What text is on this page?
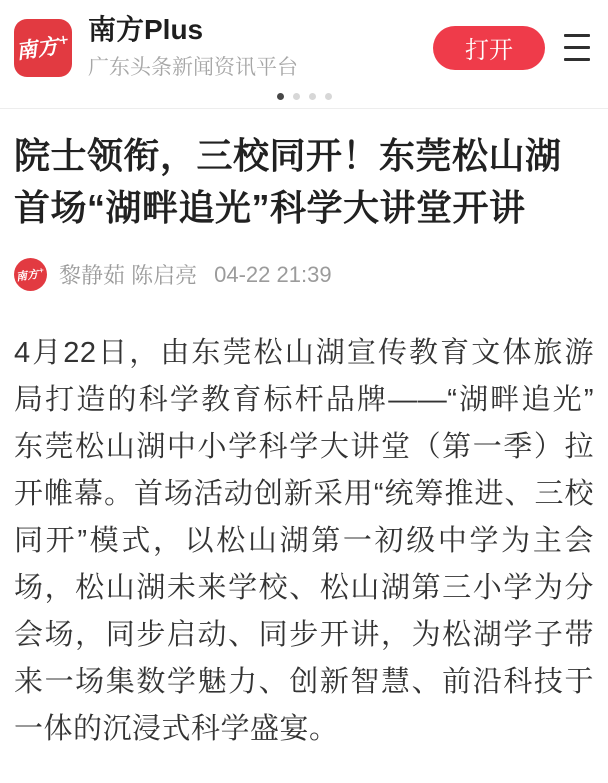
南方+ 南方Plus
广东头条新闻资讯平台
打开
院士领衔，三校同开！东莞松山湖首场“湖畔追光”科学大讲堂开讲
南方+ 黎静茹 陈启亮 04-22 21:39

4月22日，由东莞松山湖宣传教育文体旅游局打造的科学教育标杆品牌——“湖畔追光”东莞松山湖中小学科学大讲堂（第一季）拉开帷幕。首场活动创新采用“统筹推进、三校同开”模式，以松山湖第一初级中学为主会场，松山湖未来学校、松山湖第三小学为分会场，同步启动、同步开讲，为松湖学子带来一场集数学魅力、创新智慧、前沿科技于一体的沉浸式科学盛宴。
